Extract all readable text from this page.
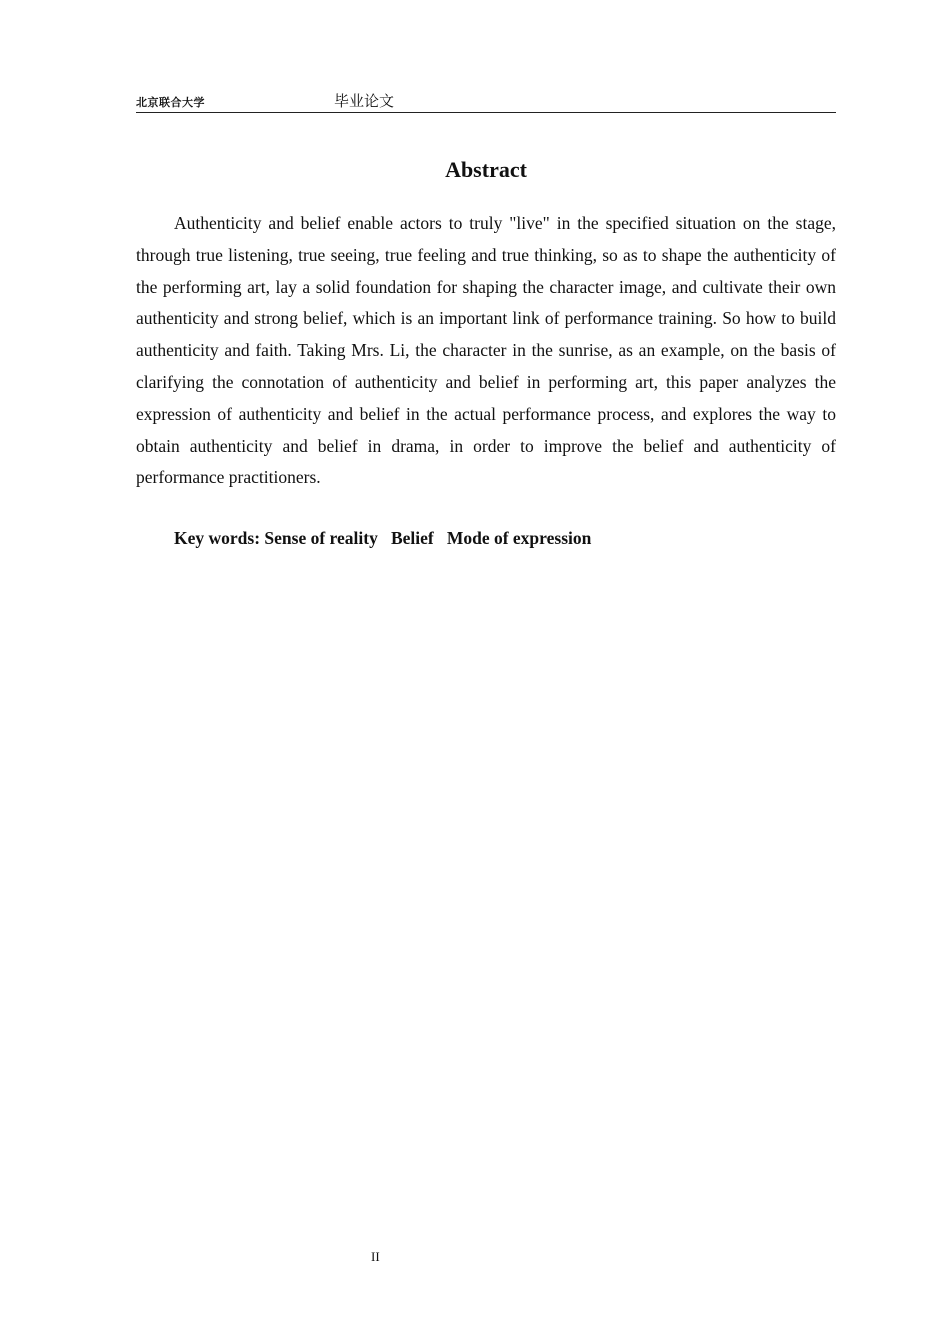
北京联合大学	毕业论文
Abstract

Authenticity and belief enable actors to truly "live" in the specified situation on the stage, through true listening, true seeing, true feeling and true thinking, so as to shape the authenticity of the performing art, lay a solid foundation for shaping the character image, and cultivate their own authenticity and strong belief, which is an important link of performance training. So how to build authenticity and faith. Taking Mrs. Li, the character in the sunrise, as an example, on the basis of clarifying the connotation of authenticity and belief in performing art, this paper analyzes the expression of authenticity and belief in the actual performance process, and explores the way to obtain authenticity and belief in drama, in order to improve the belief and authenticity of performance practitioners.

Key words: Sense of reality   Belief   Mode of expression

II
